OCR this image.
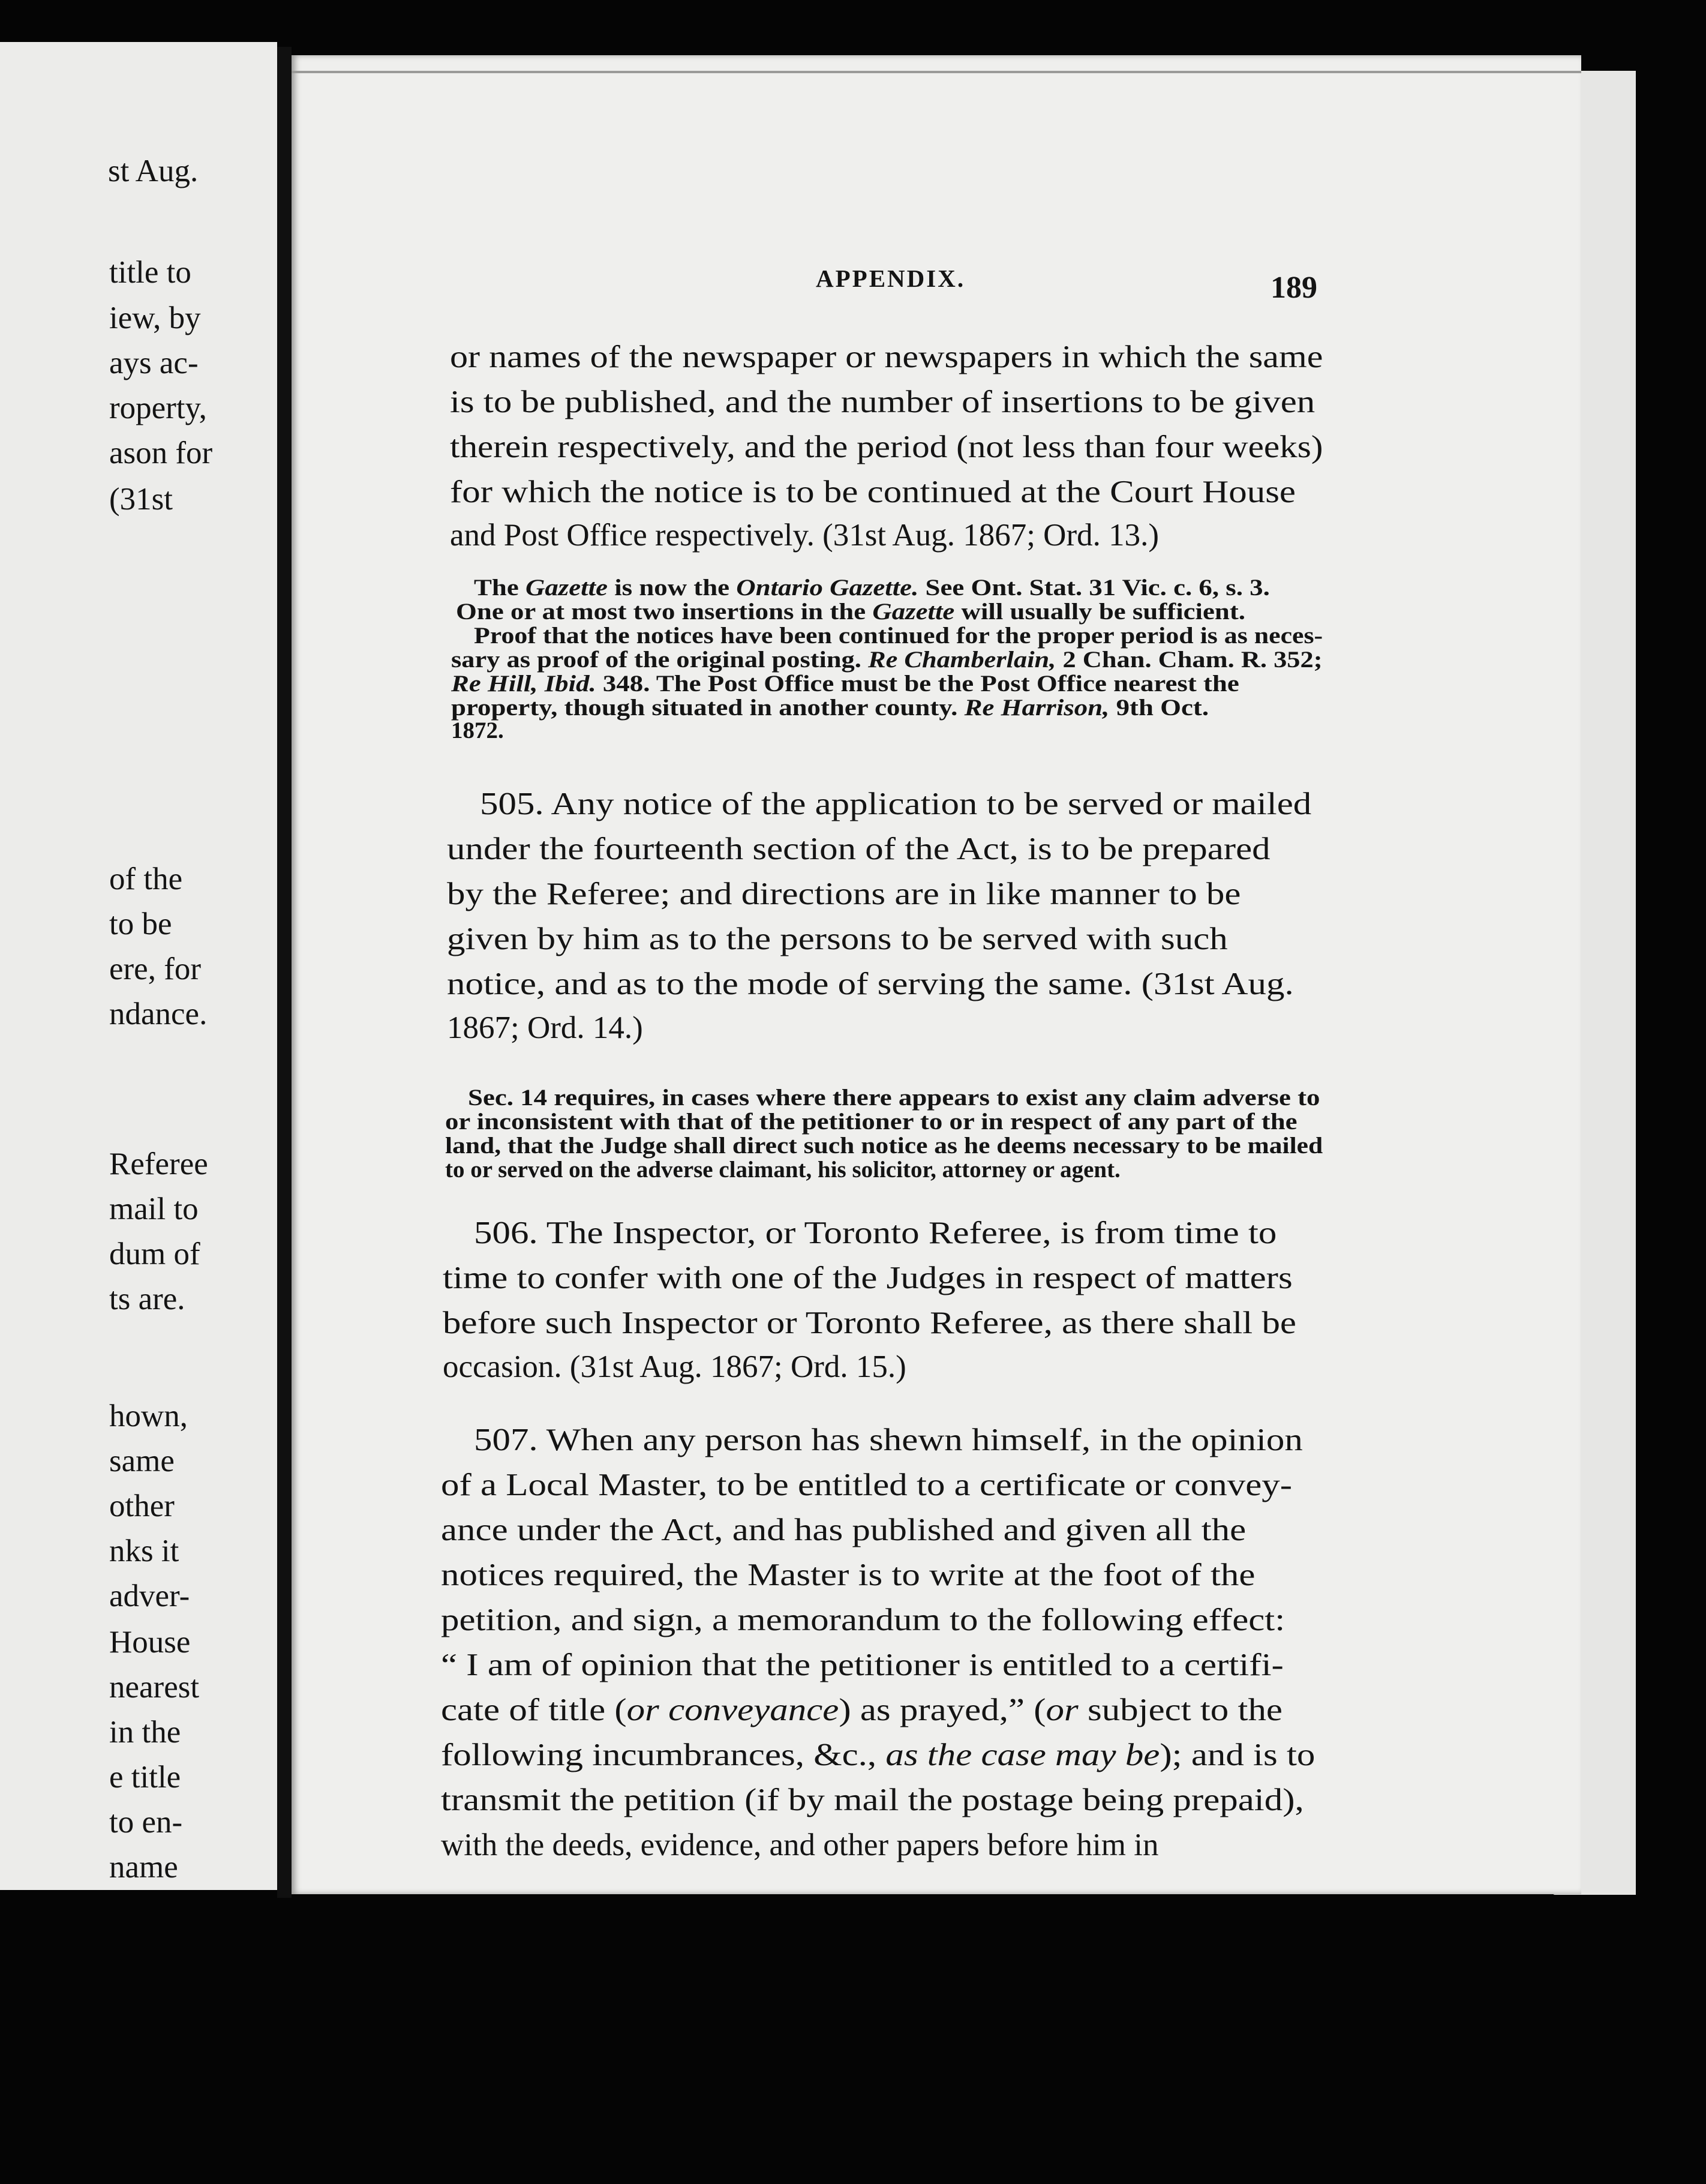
st Aug.
title to
iew, by
ays ac-
roperty,
ason for
(31st
of the
to be
ere, for
ndance.
Referee
mail to
dum of
ts are.
hown,
same
other
nks it
adver-
House
nearest
in the
e title
to en-
name
APPENDIX.	189
or names of the newspaper or newspapers in which the same
is to be published, and the number of insertions to be given
therein respectively, and the period (not less than four weeks)
for which the notice is to be continued at the Court House
and Post Office respectively. (31st Aug. 1867; Ord. 13.)
The Gazette is now the Ontario Gazette. See Ont. Stat. 31 Vic. c. 6, s. 3.
One or at most two insertions in the Gazette will usually be sufficient.
Proof that the notices have been continued for the proper period is as neces-
sary as proof of the original posting. Re Chamberlain, 2 Chan. Cham. R. 352;
Re Hill, Ibid. 348. The Post Office must be the Post Office nearest the
property, though situated in another county. Re Harrison, 9th Oct.
1872.
505. Any notice of the application to be served or mailed
under the fourteenth section of the Act, is to be prepared
by the Referee; and directions are in like manner to be
given by him as to the persons to be served with such
notice, and as to the mode of serving the same. (31st Aug.
1867; Ord. 14.)
Sec. 14 requires, in cases where there appears to exist any claim adverse to
or inconsistent with that of the petitioner to or in respect of any part of the
land, that the Judge shall direct such notice as he deems necessary to be mailed
to or served on the adverse claimant, his solicitor, attorney or agent.
506. The Inspector, or Toronto Referee, is from time to
time to confer with one of the Judges in respect of matters
before such Inspector or Toronto Referee, as there shall be
occasion. (31st Aug. 1867; Ord. 15.)
507. When any person has shewn himself, in the opinion
of a Local Master, to be entitled to a certificate or convey-
ance under the Act, and has published and given all the
notices required, the Master is to write at the foot of the
petition, and sign, a memorandum to the following effect:
“ I am of opinion that the petitioner is entitled to a certifi-
cate of title (or conveyance) as prayed,” (or subject to the
following incumbrances, &c., as the case may be); and is to
transmit the petition (if by mail the postage being prepaid),
with the deeds, evidence, and other papers before him in
